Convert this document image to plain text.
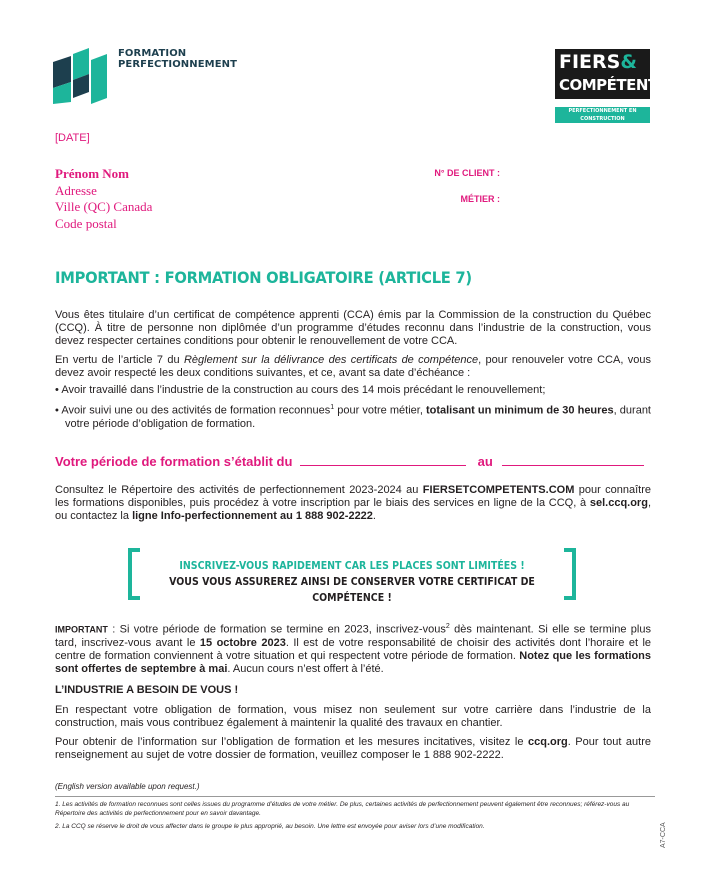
FORMATION
PERFECTIONNEMENT	FIERS&
COMPÉTENTS
PERFECTIONNEMENT EN CONSTRUCTION
[DATE]
Prénom Nom
Adresse
Ville (QC) Canada
Code postal
N° DE CLIENT :
MÉTIER :
IMPORTANT : FORMATION OBLIGATOIRE (ARTICLE 7)

Vous êtes titulaire d’un certificat de compétence apprenti (CCA) émis par la Commission de la construction du Québec (CCQ). À titre de personne non diplômée d’un programme d’études reconnu dans l’industrie de la construction, vous devez respecter certaines conditions pour obtenir le renouvellement de votre CCA.

En vertu de l’article 7 du Règlement sur la délivrance des certificats de compétence, pour renouveler votre CCA, vous devez avoir respecté les deux conditions suivantes, et ce, avant sa date d’échéance :

• Avoir travaillé dans l’industrie de la construction au cours des 14 mois précédant le renouvellement;

• Avoir suivi une ou des activités de formation reconnues$^1$ pour votre métier, totalisant un minimum de 30 heures, durant votre période d’obligation de formation.

Votre période de formation s’établit du	au
Consultez le Répertoire des activités de perfectionnement 2023-2024 au FIERSETCOMPETENTS.COM pour connaître les formations disponibles, puis procédez à votre inscription par le biais des services en ligne de la CCQ, à sel.ccq.org, ou contactez la ligne Info-perfectionnement au 1 888 902-2222.
INSCRIVEZ-VOUS RAPIDEMENT CAR LES PLACES SONT LIMITÉES !
VOUS VOUS ASSUREREZ AINSI DE CONSERVER VOTRE CERTIFICAT DE COMPÉTENCE !
IMPORTANT : Si votre période de formation se termine en 2023, inscrivez-vous$^2$ dès maintenant. Si elle se termine plus tard, inscrivez-vous avant le 15 octobre 2023. Il est de votre responsabilité de choisir des activités dont l’horaire et le centre de formation conviennent à votre situation et qui respectent votre période de formation. Notez que les formations sont offertes de septembre à mai. Aucun cours n’est offert à l’été.
L’INDUSTRIE A BESOIN DE VOUS !

En respectant votre obligation de formation, vous misez non seulement sur votre carrière dans l’industrie de la construction, mais vous contribuez également à maintenir la qualité des travaux en chantier.

Pour obtenir de l’information sur l’obligation de formation et les mesures incitatives, visitez le ccq.org. Pour tout autre renseignement au sujet de votre dossier de formation, veuillez composer le 1 888 902-2222.

(English version available upon request.)

1. Les activités de formation reconnues sont celles issues du programme d’études de votre métier. De plus, certaines activités de perfectionnement peuvent également être reconnues; référez-vous au Répertoire des activités de perfectionnement pour en savoir davantage.

2. La CCQ se réserve le droit de vous affecter dans le groupe le plus approprié, au besoin. Une lettre est envoyée pour aviser lors d’une modification.	A7-CCA
